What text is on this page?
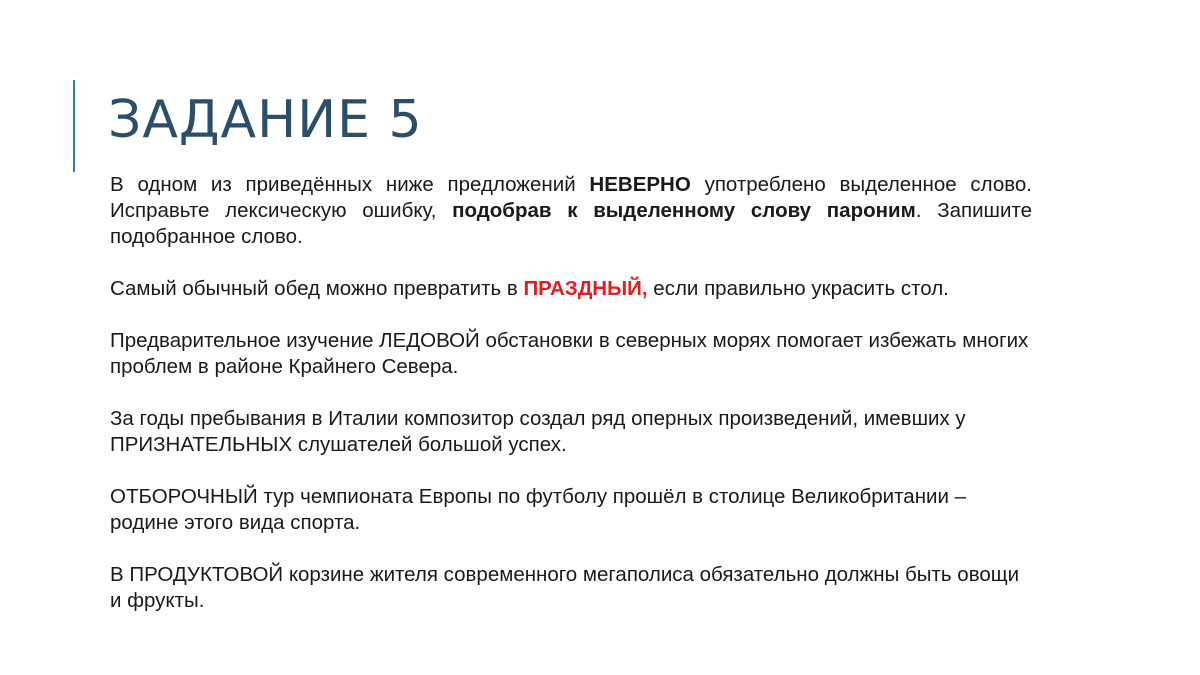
ЗАДАНИЕ 5

В одном из приведённых ниже предложений НЕВЕРНО употреблено выделенное слово. Исправьте лексическую ошибку, подобрав к выделенному слову пароним. Запишите подобранное слово.

Самый обычный обед можно превратить в ПРАЗДНЫЙ, если правильно украсить стол.

Предварительное изучение ЛЕДОВОЙ обстановки в северных морях помогает избежать многих проблем в районе Крайнего Севера.

За годы пребывания в Италии композитор создал ряд оперных произведений, имевших у ПРИЗНАТЕЛЬНЫХ слушателей большой успех.

ОТБОРОЧНЫЙ тур чемпионата Европы по футболу прошёл в столице Великобритании – родине этого вида спорта.

В ПРОДУКТОВОЙ корзине жителя современного мегаполиса обязательно должны быть овощи и фрукты.
